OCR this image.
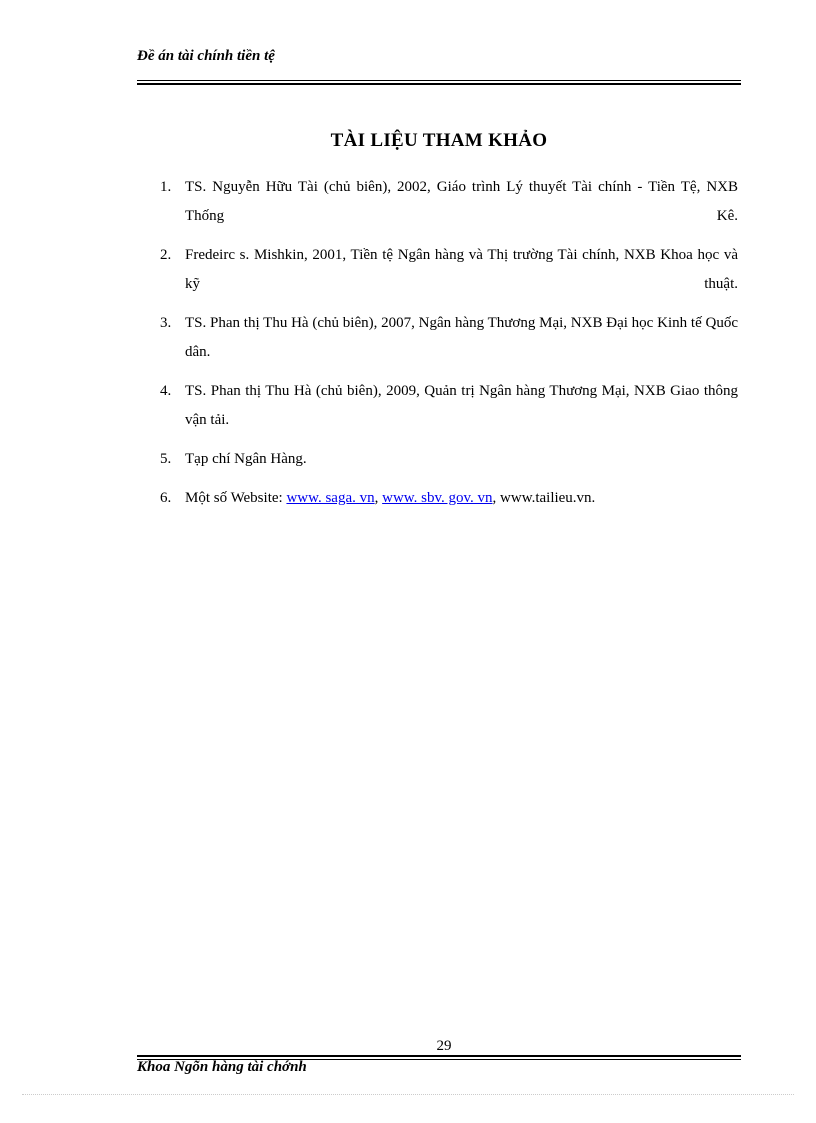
Đề án tài chính tiền tệ
TÀI LIỆU THAM KHẢO
1. TS. Nguyễn Hữu Tài (chủ biên), 2002, Giáo trình Lý thuyết Tài chính - Tiền Tệ, NXB Thống Kê.
2. Fredeirc s. Mishkin, 2001, Tiền tệ Ngân hàng và Thị trường Tài chính, NXB Khoa học và kỹ thuật.
3. TS. Phan thị Thu Hà (chủ biên), 2007, Ngân hàng Thương Mại, NXB Đại học Kinh tế Quốc dân.
4. TS. Phan thị Thu Hà (chủ biên), 2009, Quản trị Ngân hàng Thương Mại, NXB Giao thông vận tải.
5. Tạp chí Ngân Hàng.
6. Một số Website: www. saga. vn, www. sbv. gov. vn, www.tailieu.vn.
29
Khoa Ngõn hàng tài chớnh
